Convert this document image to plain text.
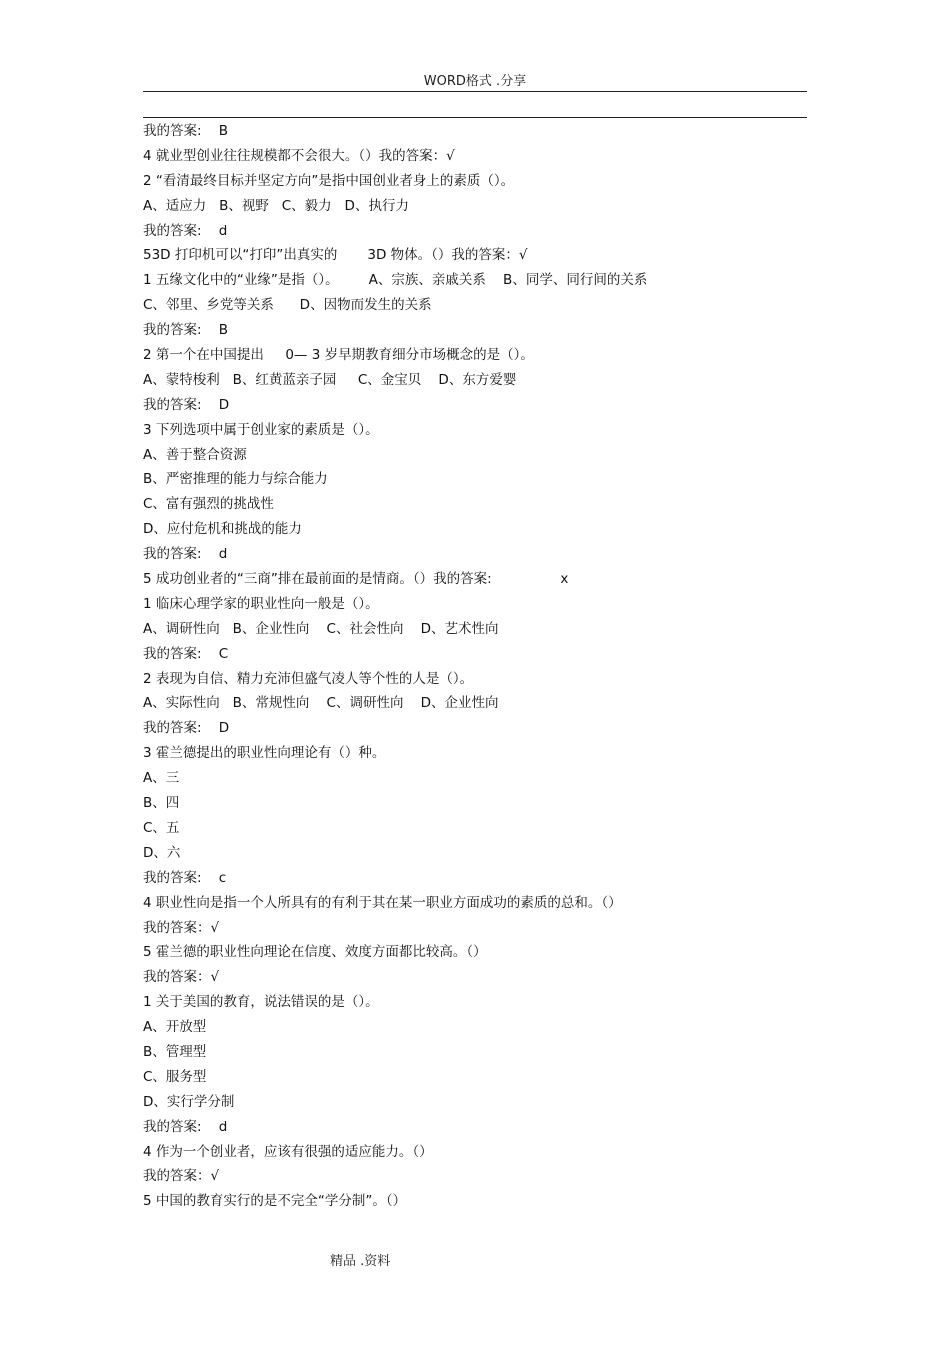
WORD格式 .分享
我的答案:    B
4 就业型创业往往规模都不会很大。（）我的答案：√
2 “看清最终目标并坚定方向”是指中国创业者身上的素质（）。
A、适应力   B、视野   C、毅力   D、执行力
我的答案:    d
53D 打印机可以“打印”出真实的       3D 物体。（）我的答案：√
1 五缘文化中的“业缘”是指（）。       A、宗族、亲戚关系    B、同学、同行间的关系
C、邻里、乡党等关系      D、因物而发生的关系
我的答案:    B
2 第一个在中国提出     0— 3 岁早期教育细分市场概念的是（）。
A、蒙特梭利   B、红黄蓝亲子园     C、金宝贝    D、东方爱婴
我的答案:    D
3 下列选项中属于创业家的素质是（）。
A、善于整合资源
B、严密推理的能力与综合能力
C、富有强烈的挑战性
D、应付危机和挑战的能力
我的答案:    d
5 成功创业者的“三商”排在最前面的是情商。（）我的答案:                x
1 临床心理学家的职业性向一般是（）。
A、调研性向   B、企业性向    C、社会性向    D、艺术性向
我的答案:    C
2 表现为自信、精力充沛但盛气凌人等个性的人是（）。
A、实际性向   B、常规性向    C、调研性向    D、企业性向
我的答案:    D
3 霍兰德提出的职业性向理论有（）种。
A、三
B、四
C、五
D、六
我的答案:    c
4 职业性向是指一个人所具有的有利于其在某一职业方面成功的素质的总和。（）
我的答案：√
5 霍兰德的职业性向理论在信度、效度方面都比较高。（）
我的答案：√
1 关于美国的教育，说法错误的是（）。
A、开放型
B、管理型
C、服务型
D、实行学分制
我的答案:    d
4 作为一个创业者，应该有很强的适应能力。（）
我的答案：√
5 中国的教育实行的是不完全“学分制”。（）
精品 .资料
